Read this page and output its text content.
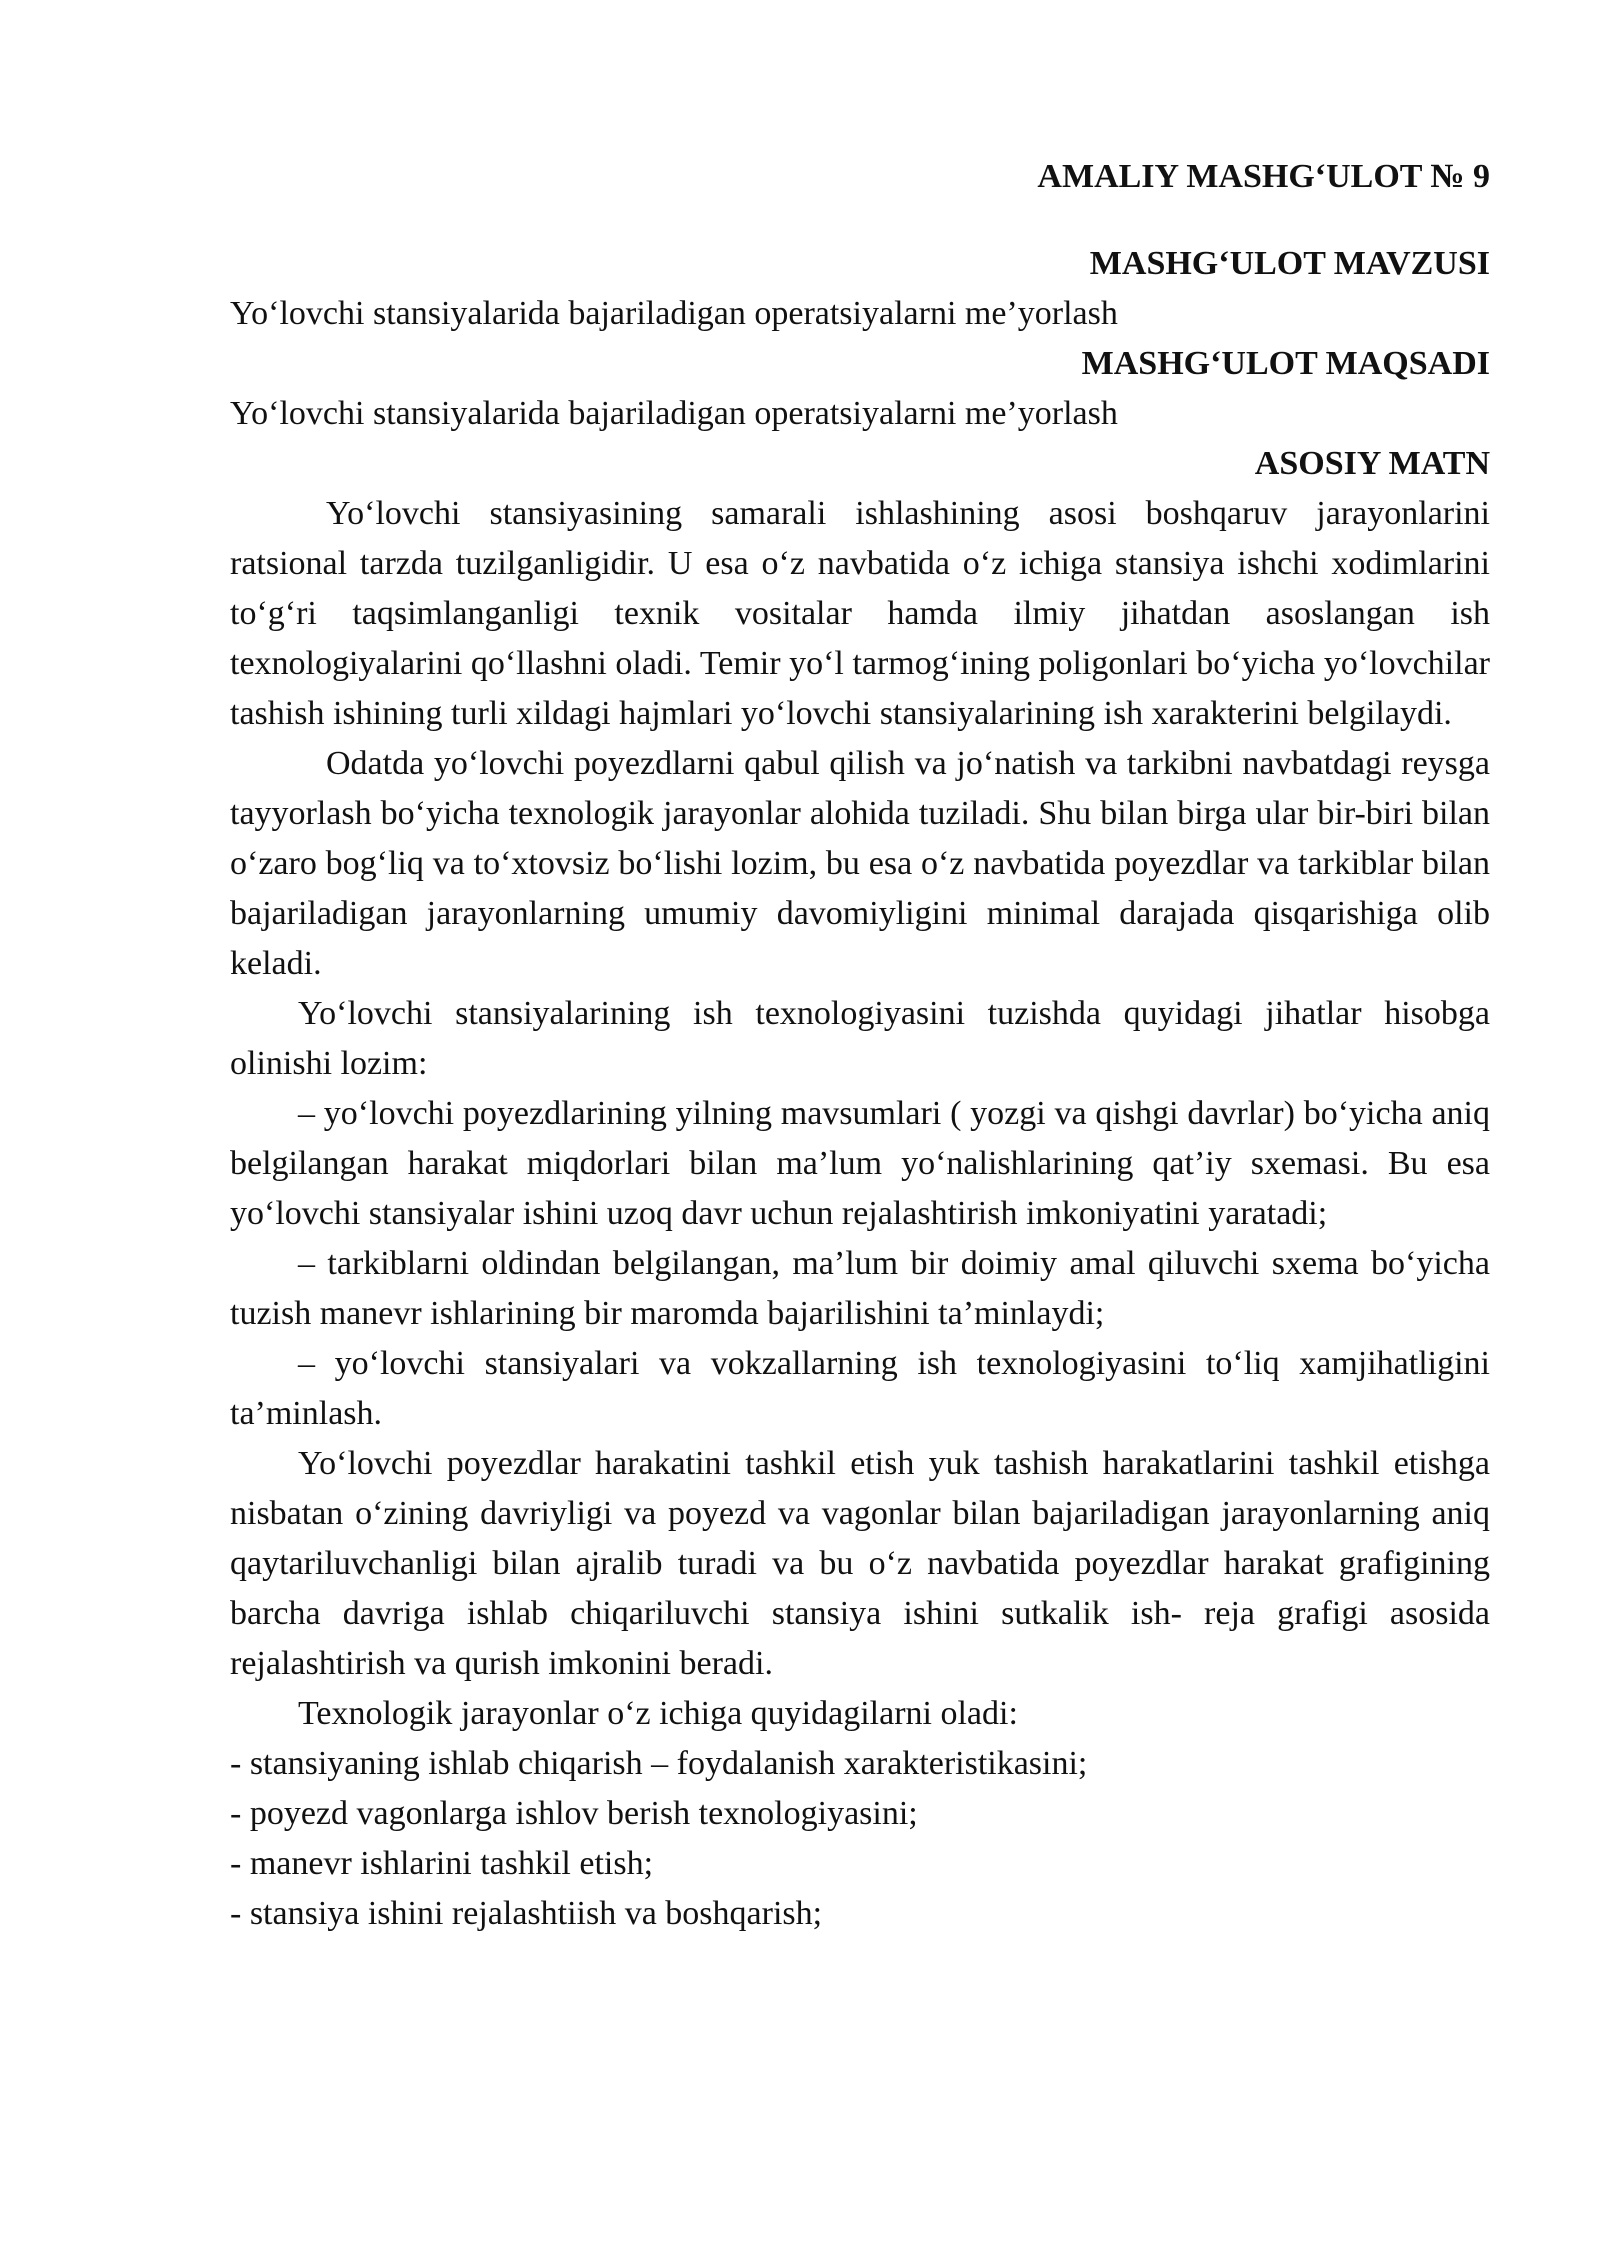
AMALIY MASHG‘ULOT № 9

MASHG‘ULOT MAVZUSI

Yo‘lovchi stansiyalarida bajariladigan operatsiyalarni me’yorlash

MASHG‘ULOT MAQSADI

Yo‘lovchi stansiyalarida bajariladigan operatsiyalarni me’yorlash

ASOSIY MATN

Yo‘lovchi stansiyasining samarali ishlashining asosi boshqaruv jarayonlarini ratsional tarzda tuzilganligidir. U esa o‘z navbatida o‘z ichiga stansiya ishchi xodimlarini to‘g‘ri taqsimlanganligi texnik vositalar hamda ilmiy jihatdan asoslangan ish texnologiyalarini qo‘llashni oladi. Temir yo‘l tarmog‘ining poligonlari bo‘yicha yo‘lovchilar tashish ishining turli xildagi hajmlari yo‘lovchi stansiyalarining ish xarakterini belgilaydi.

Odatda yo‘lovchi poyezdlarni qabul qilish va jo‘natish va tarkibni navbatdagi reysga tayyorlash bo‘yicha texnologik jarayonlar alohida tuziladi. Shu bilan birga ular bir-biri bilan o‘zaro bog‘liq va to‘xtovsiz bo‘lishi lozim, bu esa o‘z navbatida poyezdlar va tarkiblar bilan bajariladigan jarayonlarning umumiy davomiyligini minimal darajada qisqarishiga olib keladi.

Yo‘lovchi stansiyalarining ish texnologiyasini tuzishda quyidagi jihatlar hisobga olinishi lozim:

– yo‘lovchi poyezdlarining yilning mavsumlari ( yozgi va qishgi davrlar) bo‘yicha aniq belgilangan harakat miqdorlari bilan ma’lum yo‘nalishlarining qat’iy sxemasi. Bu esa yo‘lovchi stansiyalar ishini uzoq davr uchun rejalashtirish imkoniyatini yaratadi;

– tarkiblarni oldindan belgilangan, ma’lum bir doimiy amal qiluvchi sxema bo‘yicha tuzish manevr ishlarining bir maromda bajarilishini ta’minlaydi;

– yo‘lovchi stansiyalari va vokzallarning ish texnologiyasini to‘liq xamjihatligini ta’minlash.

Yo‘lovchi poyezdlar harakatini tashkil etish yuk tashish harakatlarini tashkil etishga nisbatan o‘zining davriyligi va poyezd va vagonlar bilan bajariladigan jarayonlarning aniq qaytariluvchanligi bilan ajralib turadi va bu o‘z navbatida poyezdlar harakat grafigining barcha davriga ishlab chiqariluvchi stansiya ishini sutkalik ish- reja grafigi asosida rejalashtirish va qurish imkonini beradi.

Texnologik jarayonlar o‘z ichiga quyidagilarni oladi:

- stansiyaning ishlab chiqarish – foydalanish xarakteristikasini;
- poyezd vagonlarga ishlov berish texnologiyasini;
- manevr ishlarini tashkil etish;
- stansiya ishini rejalashtiish va boshqarish;
